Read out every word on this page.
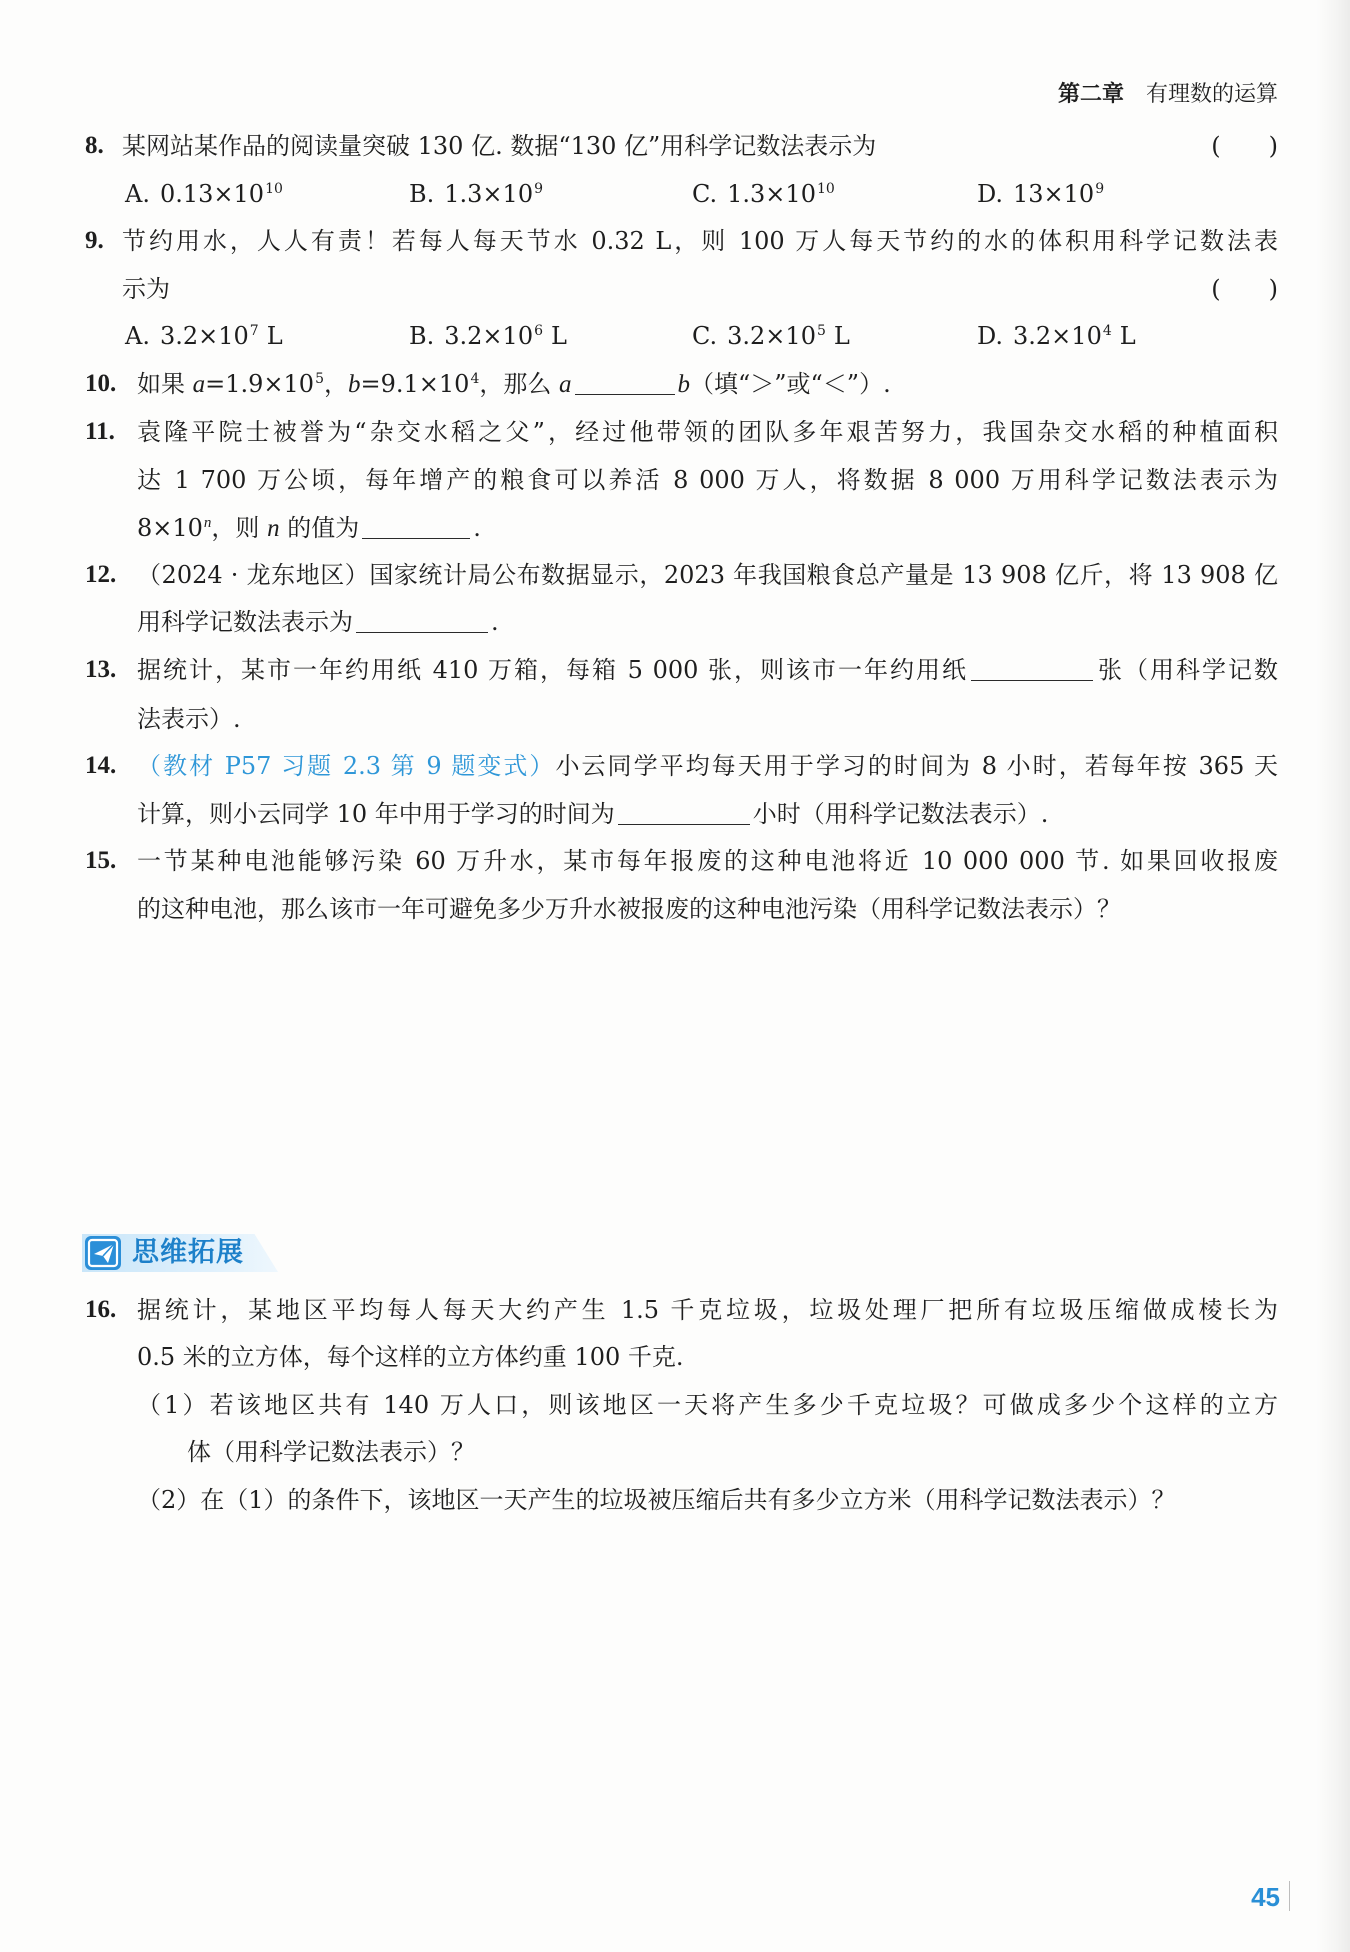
第二章 有理数的运算
8. 某网站某作品的阅读量突破 130 亿. 数据“130 亿”用科学记数法表示为	(　　)
A. $0.13\times 10^{10}$	B. $1.3\times 10^9$	C. $1.3\times 10^{10}$	D. $13\times 10^9$
9. 节约用水，人人有责！若每人每天节水 0.32 L，则 100 万人每天节约的水的体积用科学记数法表
示为	(　　)
A. $3.2\times 10^7$ L	B. $3.2\times 10^6$ L	C. $3.2\times 10^5$ L	D. $3.2\times 10^4$ L
10. 如果 $a=1.9\times 10^5$，$b=9.1\times 10^4$，那么 a	b（填“＞”或“＜”）.
11. 袁隆平院士被誉为“杂交水稻之父”，经过他带领的团队多年艰苦努力，我国杂交水稻的种植面积
达 1 700 万公顷，每年增产的粮食可以养活 8 000 万人，将数据 8 000 万用科学记数法表示为
$8\times 10^n$，则 n 的值为	.
12. （2024 · 龙东地区）国家统计局公布数据显示，2023 年我国粮食总产量是 13 908 亿斤，将 13 908 亿
用科学记数法表示为	.
13. 据统计，某市一年约用纸 410 万箱，每箱 5 000 张，则该市一年约用纸	张（用科学记数
法表示）.
14. （教材 P57 习题 2.3 第 9 题变式）小云同学平均每天用于学习的时间为 8 小时，若每年按 365 天
计算，则小云同学 10 年中用于学习的时间为	小时（用科学记数法表示）.
15. 一节某种电池能够污染 60 万升水，某市每年报废的这种电池将近 10 000 000 节. 如果回收报废
的这种电池，那么该市一年可避免多少万升水被报废的这种电池污染（用科学记数法表示）？
思维拓展
16. 据统计，某地区平均每人每天大约产生 1.5 千克垃圾，垃圾处理厂把所有垃圾压缩做成棱长为
0.5 米的立方体，每个这样的立方体约重 100 千克.
（1）若该地区共有 140 万人口，则该地区一天将产生多少千克垃圾？可做成多少个这样的立方
体（用科学记数法表示）？
（2）在（1）的条件下，该地区一天产生的垃圾被压缩后共有多少立方米（用科学记数法表示）？
45
